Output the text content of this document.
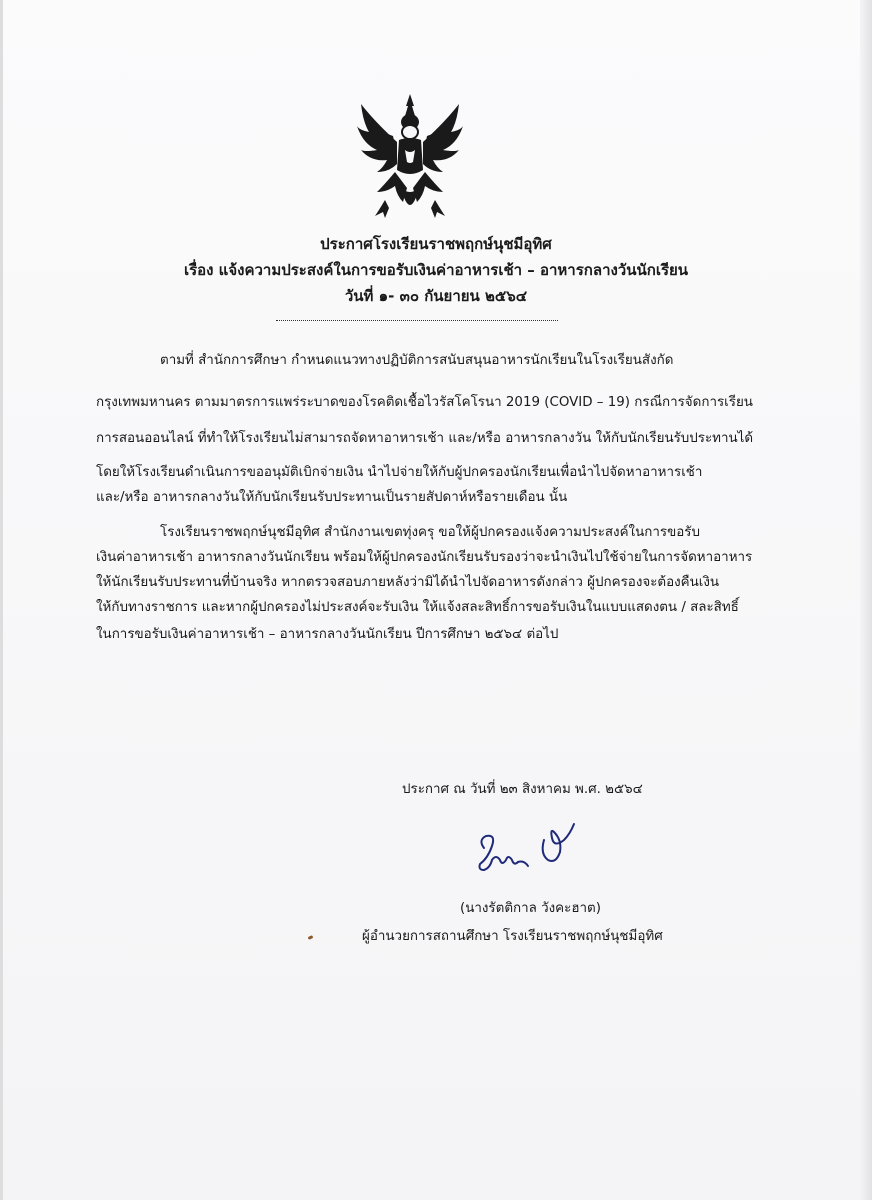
ประกาศโรงเรียนราชพฤกษ์นุชมีอุทิศ
เรื่อง แจ้งความประสงค์ในการขอรับเงินค่าอาหารเช้า – อาหารกลางวันนักเรียน
วันที่ ๑- ๓๐ กันยายน ๒๕๖๔
ตามที่ สำนักการศึกษา กำหนดแนวทางปฏิบัติการสนับสนุนอาหารนักเรียนในโรงเรียนสังกัด
กรุงเทพมหานคร ตามมาตรการแพร่ระบาดของโรคติดเชื้อไวรัสโคโรนา 2019 (COVID – 19) กรณีการจัดการเรียน
การสอนออนไลน์ ที่ทำให้โรงเรียนไม่สามารถจัดหาอาหารเช้า และ/หรือ อาหารกลางวัน ให้กับนักเรียนรับประทานได้
โดยให้โรงเรียนดำเนินการขออนุมัติเบิกจ่ายเงิน นำไปจ่ายให้กับผู้ปกครองนักเรียนเพื่อนำไปจัดหาอาหารเช้า
และ/หรือ อาหารกลางวันให้กับนักเรียนรับประทานเป็นรายสัปดาห์หรือรายเดือน นั้น
โรงเรียนราชพฤกษ์นุชมีอุทิศ สำนักงานเขตทุ่งครุ ขอให้ผู้ปกครองแจ้งความประสงค์ในการขอรับ
เงินค่าอาหารเช้า อาหารกลางวันนักเรียน พร้อมให้ผู้ปกครองนักเรียนรับรองว่าจะนำเงินไปใช้จ่ายในการจัดหาอาหาร
ให้นักเรียนรับประทานที่บ้านจริง หากตรวจสอบภายหลังว่ามิได้นำไปจัดอาหารดังกล่าว ผู้ปกครองจะต้องคืนเงิน
ให้กับทางราชการ และหากผู้ปกครองไม่ประสงค์จะรับเงิน ให้แจ้งสละสิทธิ์การขอรับเงินในแบบแสดงตน / สละสิทธิ์
ในการขอรับเงินค่าอาหารเช้า – อาหารกลางวันนักเรียน ปีการศึกษา ๒๕๖๔ ต่อไป
ประกาศ ณ วันที่ ๒๓ สิงหาคม พ.ศ. ๒๕๖๔
(นางรัตติกาล วังคะฮาต)
ผู้อำนวยการสถานศึกษา โรงเรียนราชพฤกษ์นุชมีอุทิศ
